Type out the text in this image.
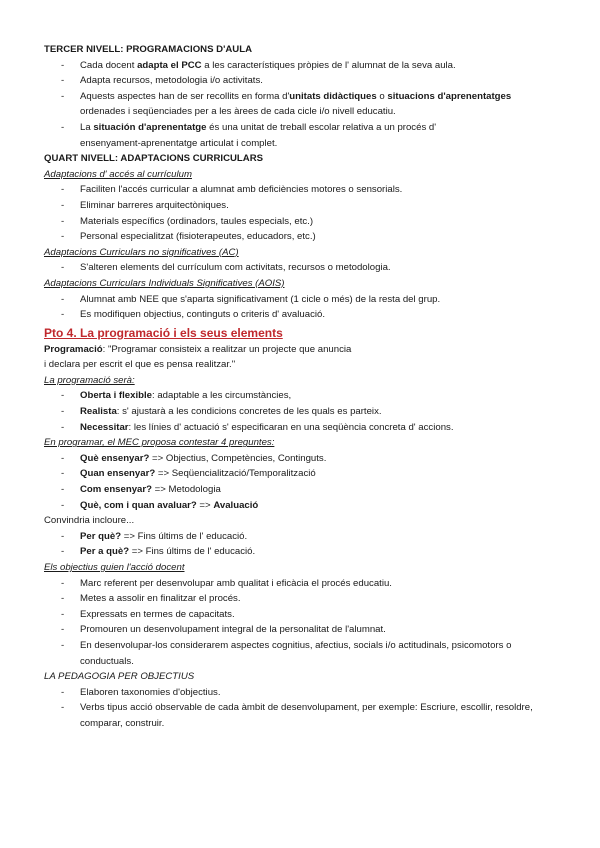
TERCER NIVELL: PROGRAMACIONS D'AULA
- Cada docent adapta el PCC a les característiques pròpies de l' alumnat de la seva aula.
- Adapta recursos, metodologia i/o activitats.
- Aquests aspectes han de ser recollits en forma d'unitats didàctiques o situacions d'aprenentatges
ordenades i seqüenciades per a les àrees de cada cicle i/o nivell educatiu.
- La situación d'aprenentatge és una unitat de treball escolar relativa a un procés d'
ensenyament-aprenentatge articulat i complet.
QUART NIVELL: ADAPTACIONS CURRICULARS
Adaptacions d' accés al currículum
- Faciliten l'accés curricular a alumnat amb deficiències motores o sensorials.
- Eliminar barreres arquitectòniques.
- Materials específics (ordinadors, taules especials, etc.)
- Personal especialitzat (fisioterapeutes, educadors, etc.)
Adaptacions Curriculars no significatives (AC)
- S'alteren elements del currículum com activitats, recursos o metodologia.
Adaptacions Curriculars Individuals Significatives (AOIS)
- Alumnat amb NEE que s'aparta significativament (1 cicle o més) de la resta del grup.
- Es modifiquen objectius, continguts o criteris d' avaluació.
Pto 4. La programació i els seus elements
Programació: "Programar consisteix a realitzar un projecte que anuncia
i declara per escrit el que es pensa realitzar."
La programació serà:
- Oberta i flexible: adaptable a les circumstàncies,
- Realista: s' ajustarà a les condicions concretes de les quals es parteix.
- Necessitar: les línies d' actuació s' especificaran en una seqüència concreta d' accions.
En programar, el MEC proposa contestar 4 preguntes:
- Què ensenyar? => Objectius, Competències, Continguts.
- Quan ensenyar? => Seqüencialització/Temporalització
- Com ensenyar? => Metodologia
- Què, com i quan avaluar? => Avaluació
Convindria incloure...
- Per què? => Fins últims de l' educació.
- Per a què? => Fins últims de l' educació.
Els objectius guien l'acció docent
- Marc referent per desenvolupar amb qualitat i eficàcia el procés educatiu.
- Metes a assolir en finalitzar el procés.
- Expressats en termes de capacitats.
- Promouren un desenvolupament integral de la personalitat de l'alumnat.
- En desenvolupar-los considerarem aspectes cognitius, afectius, socials i/o actitudinals, psicomotors o
conductuals.
LA PEDAGOGIA PER OBJECTIUS
- Elaboren taxonomies d'objectius.
- Verbs tipus acció observable de cada àmbit de desenvolupament, per exemple: Escriure, escollir, resoldre,
comparar, construir.
